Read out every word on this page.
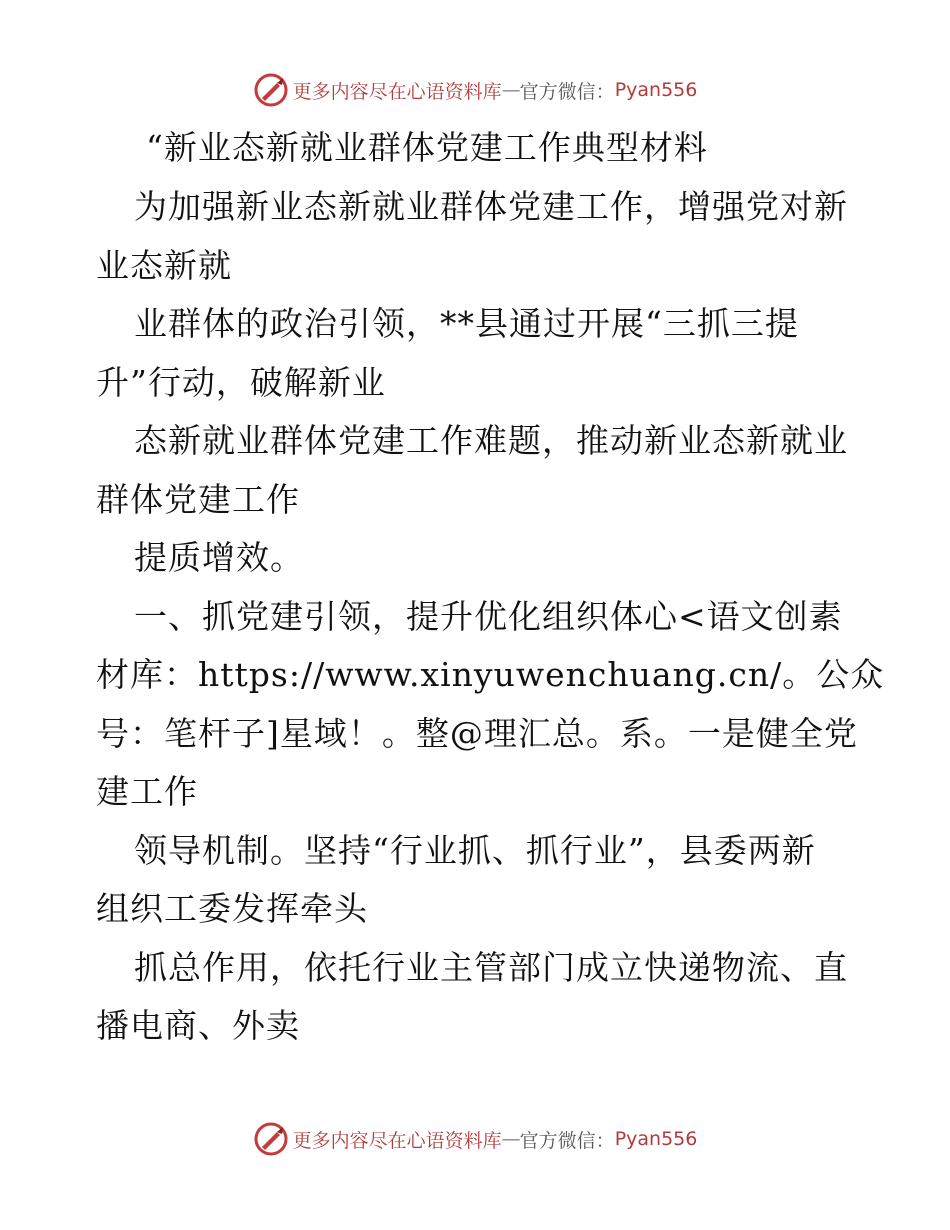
更多内容尽在心语资料库 — 官方微信： Pyan556
“新业态新就业群体党建工作典型材料
为加强新业态新就业群体党建工作，增强党对新
业态新就
业群体的政治引领，**县通过开展“三抓三提
升”行动，破解新业
态新就业群体党建工作难题，推动新业态新就业
群体党建工作
提质增效。
一、抓党建引领，提升优化组织体心<语文创素
材库：https://www.xinyuwenchuang.cn/。公众
号：笔杆子]星域！。整@理汇总。系。一是健全党
建工作
领导机制。坚持“行业抓、抓行业”，县委两新
组织工委发挥牵头
抓总作用，依托行业主管部门成立快递物流、直
播电商、外卖
更多内容尽在心语资料库 — 官方微信： Pyan556
